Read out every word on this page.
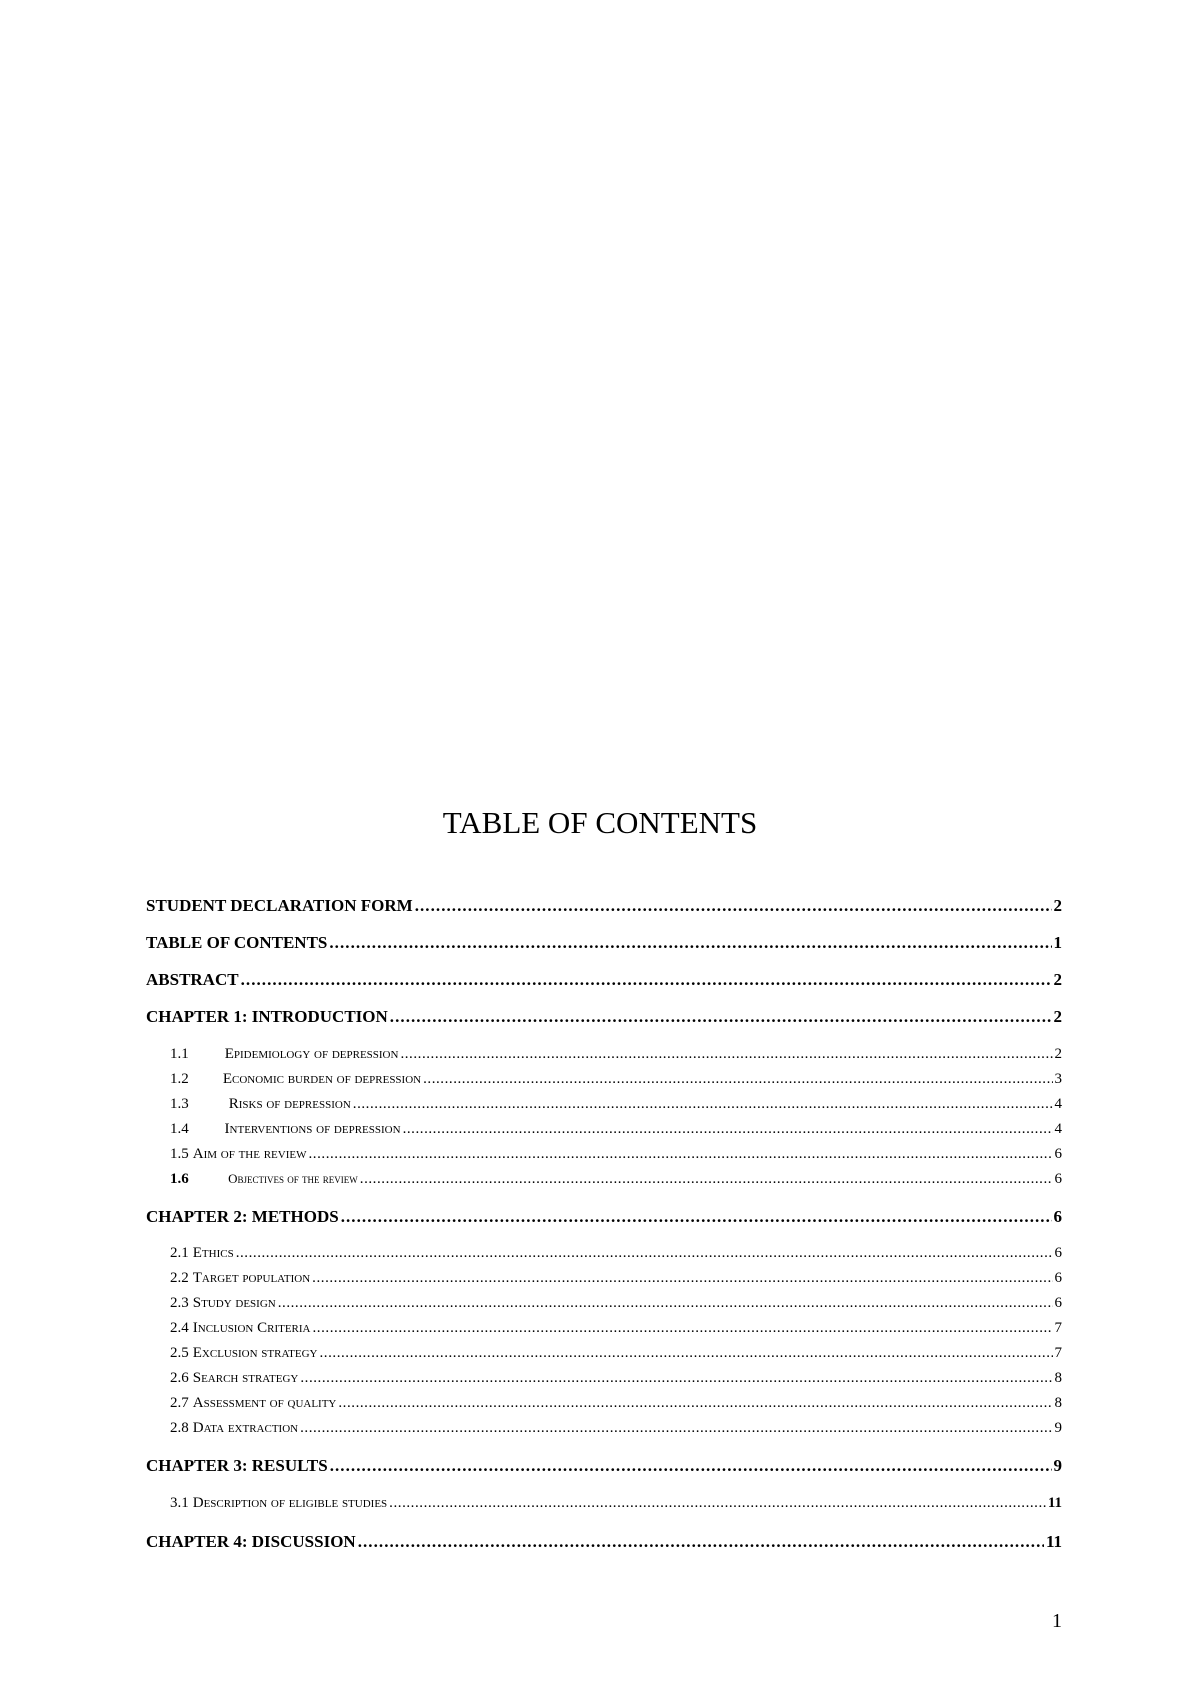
TABLE OF CONTENTS
STUDENT DECLARATION FORM . . .	2
TABLE OF CONTENTS . . .	1
ABSTRACT . . .	2
CHAPTER 1: INTRODUCTION . . .	2
1.1	Epidemiology of depression . . .	2
1.2	Economic burden of depression . . .	3
1.3	Risks of depression . . .	4
1.4	Interventions of depression . . .	4
1.5 Aim of the review . . .	6
1.6	Objectives of the review . . .	6
CHAPTER 2: METHODS . . .	6
2.1 Ethics . . .	6
2.2 Target population . . .	6
2.3 Study design . . .	6
2.4 Inclusion Criteria . . .	7
2.5 Exclusion strategy . . .	7
2.6 Search strategy . . .	8
2.7 Assessment of quality . . .	8
2.8 Data extraction . . .	9
CHAPTER 3: RESULTS . . .	9
3.1 Description of eligible studies . . .	11
CHAPTER 4: DISCUSSION . . .	11
1
